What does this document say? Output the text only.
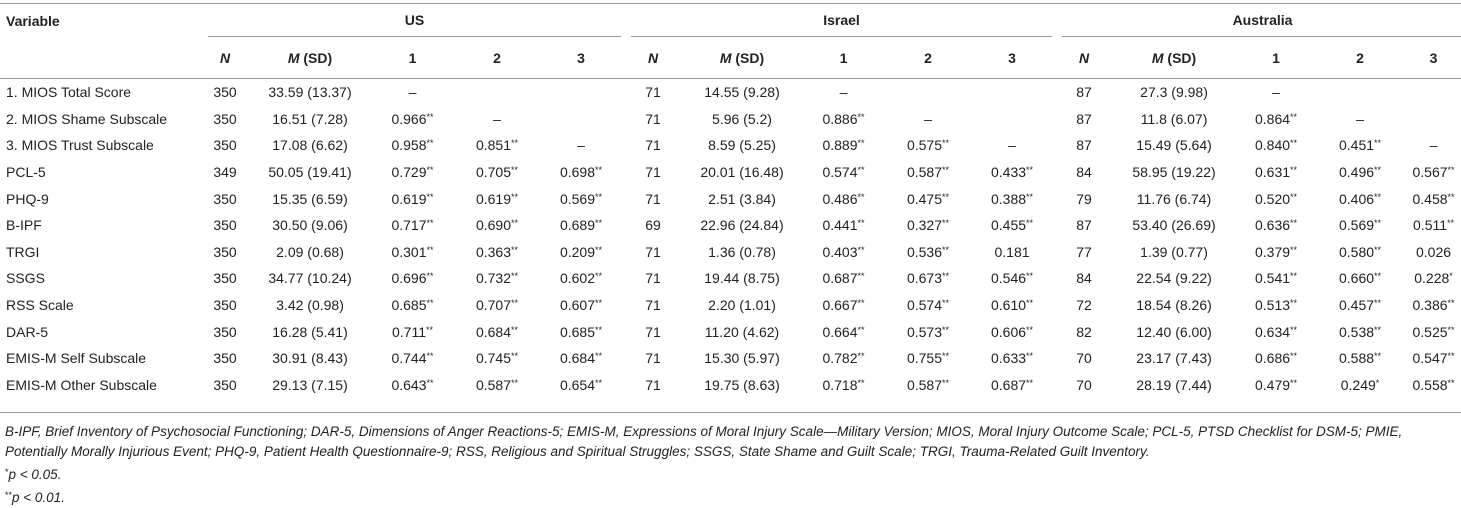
Variable	US					Israel					Australia				

	N	M (SD)	1	2	3	N	M (SD)	1	2	3	N	M (SD)	1	2	3
1. MIOS Total Score	350	33.59 (13.37)	–			71	14.55 (9.28)	–			87	27.3 (9.98)	–		
2. MIOS Shame Subscale	350	16.51 (7.28)	0.966**	–		71	5.96 (5.2)	0.886**	–		87	11.8 (6.07)	0.864**	–	
3. MIOS Trust Subscale	350	17.08 (6.62)	0.958**	0.851**	–	71	8.59 (5.25)	0.889**	0.575**	–	87	15.49 (5.64)	0.840**	0.451**	–
PCL-5	349	50.05 (19.41)	0.729**	0.705**	0.698**	71	20.01 (16.48)	0.574**	0.587**	0.433**	84	58.95 (19.22)	0.631**	0.496**	0.567**
PHQ-9	350	15.35 (6.59)	0.619**	0.619**	0.569**	71	2.51 (3.84)	0.486**	0.475**	0.388**	79	11.76 (6.74)	0.520**	0.406**	0.458**
B-IPF	350	30.50 (9.06)	0.717**	0.690**	0.689**	69	22.96 (24.84)	0.441**	0.327**	0.455**	87	53.40 (26.69)	0.636**	0.569**	0.511**
TRGI	350	2.09 (0.68)	0.301**	0.363**	0.209**	71	1.36 (0.78)	0.403**	0.536**	0.181	77	1.39 (0.77)	0.379**	0.580**	0.026
SSGS	350	34.77 (10.24)	0.696**	0.732**	0.602**	71	19.44 (8.75)	0.687**	0.673**	0.546**	84	22.54 (9.22)	0.541**	0.660**	0.228*
RSS Scale	350	3.42 (0.98)	0.685**	0.707**	0.607**	71	2.20 (1.01)	0.667**	0.574**	0.610**	72	18.54 (8.26)	0.513**	0.457**	0.386**
DAR-5	350	16.28 (5.41)	0.711**	0.684**	0.685**	71	11.20 (4.62)	0.664**	0.573**	0.606**	82	12.40 (6.00)	0.634**	0.538**	0.525**
EMIS-M Self Subscale	350	30.91 (8.43)	0.744**	0.745**	0.684**	71	15.30 (5.97)	0.782**	0.755**	0.633**	70	23.17 (7.43)	0.686**	0.588**	0.547**
EMIS-M Other Subscale	350	29.13 (7.15)	0.643**	0.587**	0.654**	71	19.75 (8.63)	0.718**	0.587**	0.687**	70	28.19 (7.44)	0.479**	0.249*	0.558**

B-IPF, Brief Inventory of Psychosocial Functioning; DAR-5, Dimensions of Anger Reactions-5; EMIS-M, Expressions of Moral Injury Scale—Military Version; MIOS, Moral Injury Outcome Scale; PCL-5, PTSD Checklist for DSM-5; PMIE, Potentially Morally Injurious Event; PHQ-9, Patient Health Questionnaire-9; RSS, Religious and Spiritual Struggles; SSGS, State Shame and Guilt Scale; TRGI, Trauma-Related Guilt Inventory.

*p < 0.05.

**p < 0.01.
